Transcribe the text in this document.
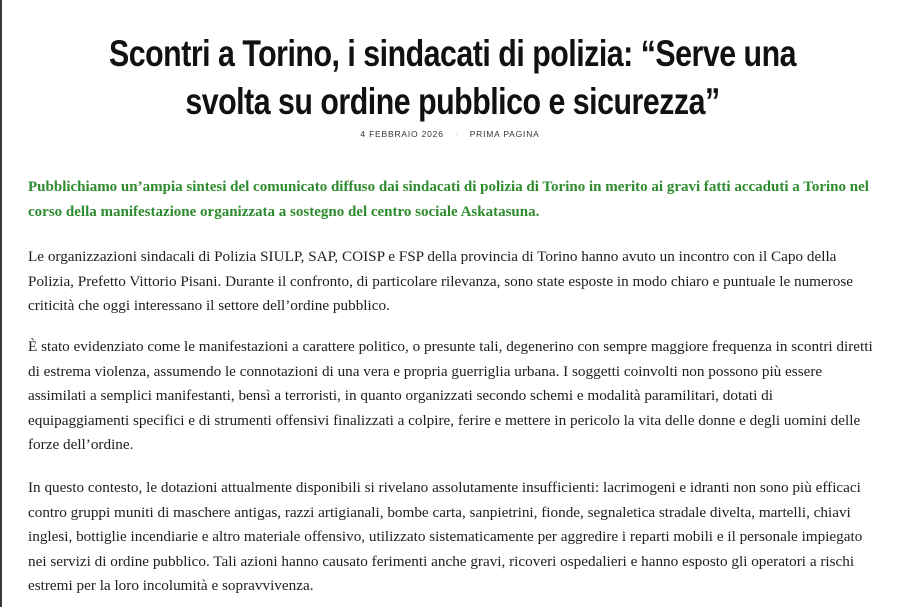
Scontri a Torino, i sindacati di polizia: “Serve una svolta su ordine pubblico e sicurezza”
4 FEBBRAIO 2026 · PRIMA PAGINA

Pubblichiamo un’ampia sintesi del comunicato diffuso dai sindacati di polizia di Torino in merito ai gravi fatti accaduti a Torino nel corso della manifestazione organizzata a sostegno del centro sociale Askatasuna.

Le organizzazioni sindacali di Polizia SIULP, SAP, COISP e FSP della provincia di Torino hanno avuto un incontro con il Capo della Polizia, Prefetto Vittorio Pisani. Durante il confronto, di particolare rilevanza, sono state esposte in modo chiaro e puntuale le numerose criticità che oggi interessano il settore dell’ordine pubblico.

È stato evidenziato come le manifestazioni a carattere politico, o presunte tali, degenerino con sempre maggiore frequenza in scontri diretti di estrema violenza, assumendo le connotazioni di una vera e propria guerriglia urbana. I soggetti coinvolti non possono più essere assimilati a semplici manifestanti, bensì a terroristi, in quanto organizzati secondo schemi e modalità paramilitari, dotati di equipaggiamenti specifici e di strumenti offensivi finalizzati a colpire, ferire e mettere in pericolo la vita delle donne e degli uomini delle forze dell’ordine.

In questo contesto, le dotazioni attualmente disponibili si rivelano assolutamente insufficienti: lacrimogeni e idranti non sono più efficaci contro gruppi muniti di maschere antigas, razzi artigianali, bombe carta, sanpietrini, fionde, segnaletica stradale divelta, martelli, chiavi inglesi, bottiglie incendiarie e altro materiale offensivo, utilizzato sistematicamente per aggredire i reparti mobili e il personale impiegato nei servizi di ordine pubblico. Tali azioni hanno causato ferimenti anche gravi, ricoveri ospedalieri e hanno esposto gli operatori a rischi estremi per la loro incolumità e sopravvivenza.
